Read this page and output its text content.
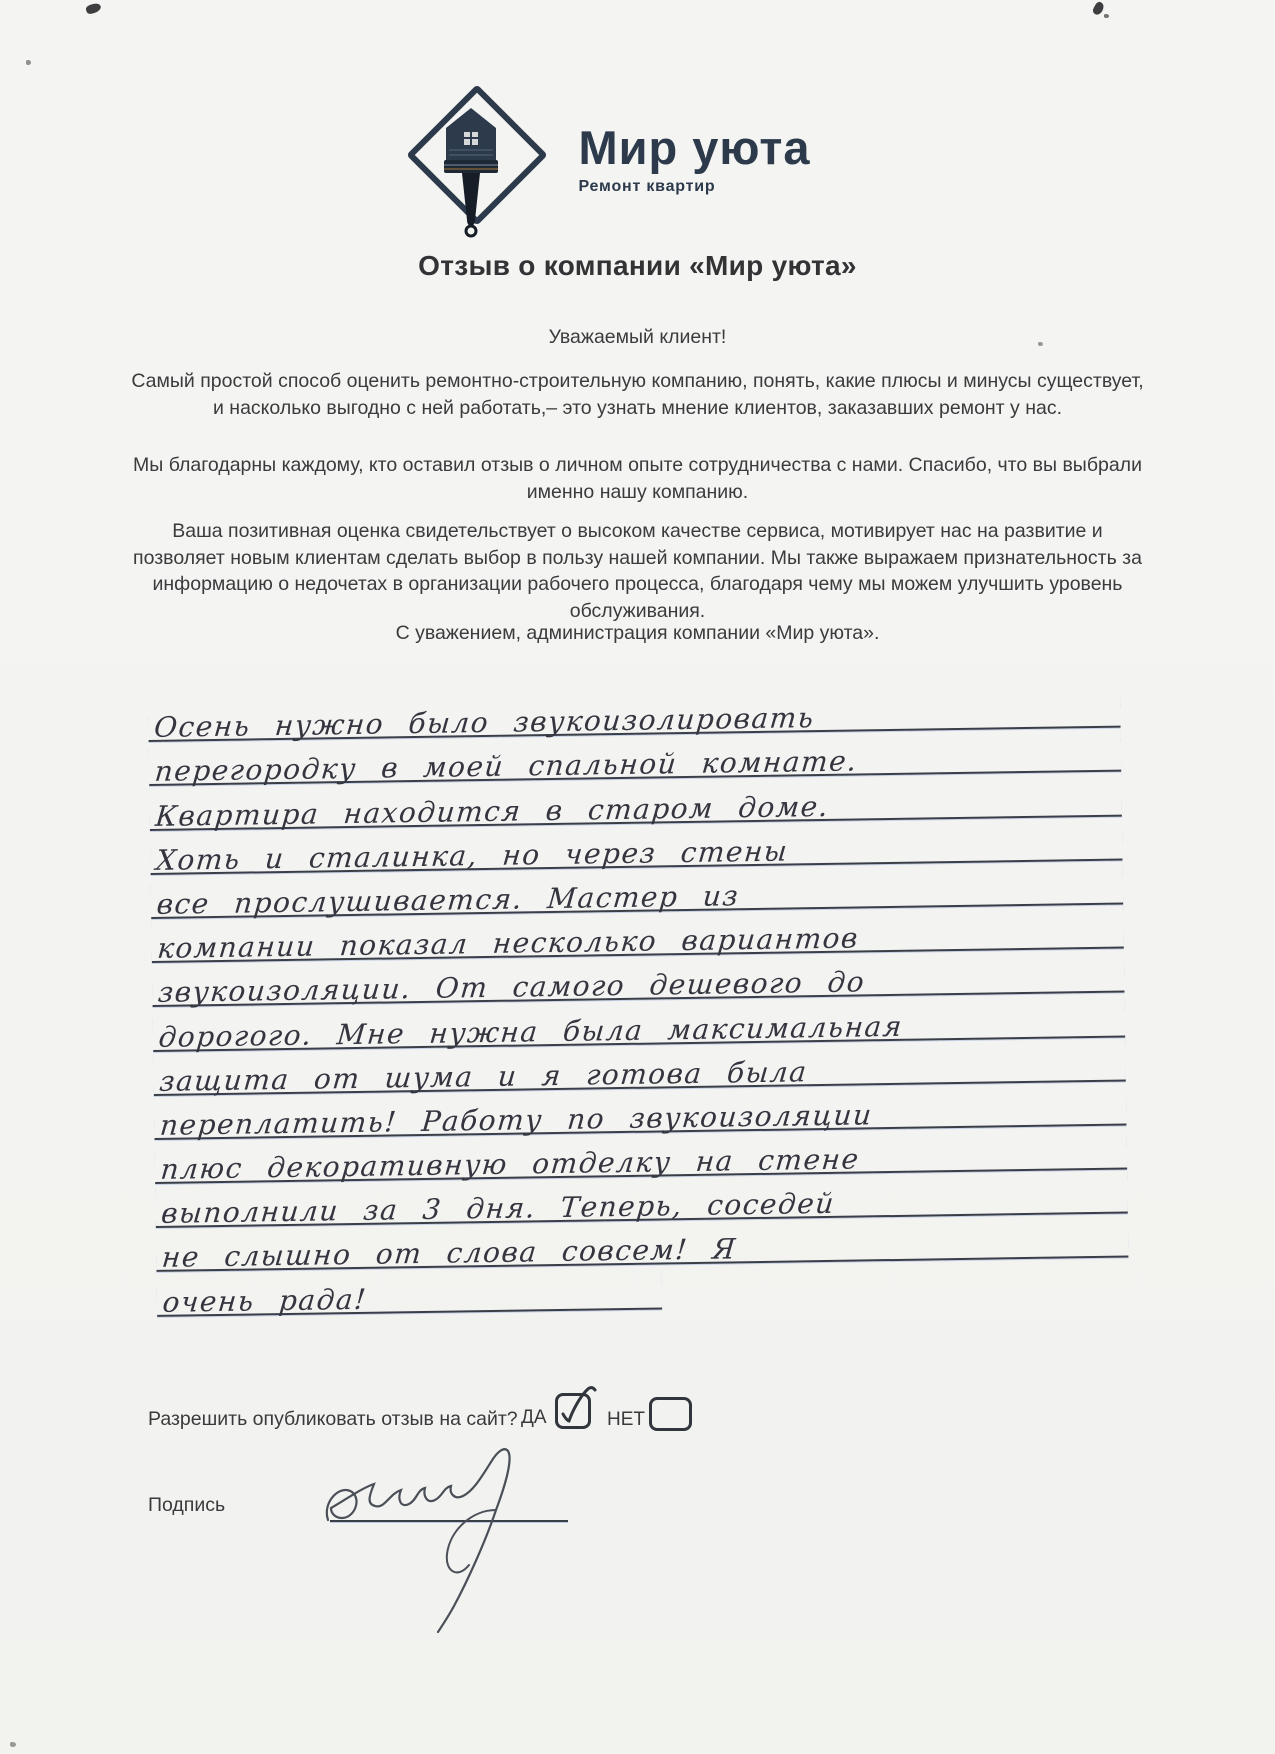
Мир уюта
Ремонт квартир
Отзыв о компании «Мир уюта»
Уважаемый клиент!
Самый простой способ оценить ремонтно-строительную компанию, понять, какие плюсы и минусы существует, и насколько выгодно с ней работать,– это узнать мнение клиентов, заказавших ремонт у нас.
Мы благодарны каждому, кто оставил отзыв о личном опыте сотрудничества с нами. Спасибо, что вы выбрали именно нашу компанию.
Ваша позитивная оценка свидетельствует о высоком качестве сервиса, мотивирует нас на развитие и позволяет новым клиентам сделать выбор в пользу нашей компании. Мы также выражаем признательность за информацию о недочетах в организации рабочего процесса, благодаря чему мы можем улучшить уровень обслуживания.
С уважением, администрация компании «Мир уюта».
Осень нужно было звукоизолировать
перегородку в моей спальной комнате.
Квартира находится в старом доме.
Хоть и сталинка, но через стены
все прослушивается. Мастер из
компании показал несколько вариантов
звукоизоляции. От самого дешевого до
дорогого. Мне нужна была максимальная
защита от шума и я готова была
переплатить! Работу по звукоизоляции
плюс декоративную отделку на стене
выполнили за 3 дня. Теперь, соседей
не слышно от слова совсем! Я
очень рада!
Разрешить опубликовать отзыв на сайт? ДА	НЕТ
Подпись
